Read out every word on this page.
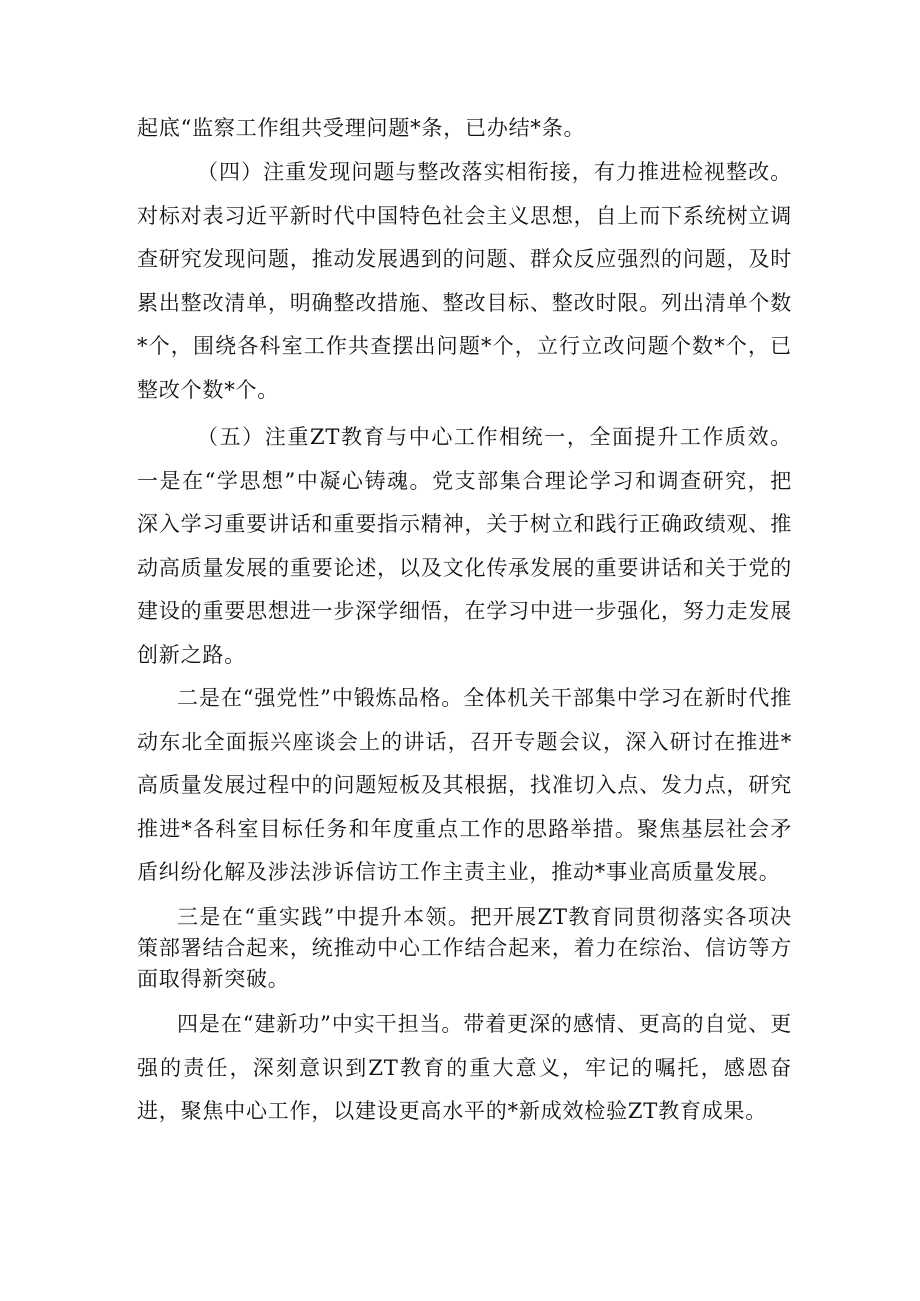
起底“监察工作组共受理问题*条，已办结*条。

（四）注重发现问题与整改落实相衔接，有力推进检视整改。对标对表习近平新时代中国特色社会主义思想，自上而下系统树立调查研究发现问题，推动发展遇到的问题、群众反应强烈的问题，及时累出整改清单，明确整改措施、整改目标、整改时限。列出清单个数*个，围绕各科室工作共查摆出问题*个，立行立改问题个数*个，已整改个数*个。

（五）注重ZT教育与中心工作相统一，全面提升工作质效。一是在“学思想”中凝心铸魂。党支部集合理论学习和调查研究，把深入学习重要讲话和重要指示精神，关于树立和践行正确政绩观、推动高质量发展的重要论述，以及文化传承发展的重要讲话和关于党的建设的重要思想进一步深学细悟，在学习中进一步强化，努力走发展创新之路。

二是在“强党性”中锻炼品格。全体机关干部集中学习在新时代推动东北全面振兴座谈会上的讲话，召开专题会议，深入研讨在推进*高质量发展过程中的问题短板及其根据，找准切入点、发力点，研究推进*各科室目标任务和年度重点工作的思路举措。聚焦基层社会矛盾纠纷化解及涉法涉诉信访工作主责主业，推动*事业高质量发展。

三是在“重实践”中提升本领。把开展ZT教育同贯彻落实各项决策部署结合起来，统推动中心工作结合起来，着力在综治、信访等方面取得新突破。

四是在“建新功”中实干担当。带着更深的感情、更高的自觉、更强的责任，深刻意识到ZT教育的重大意义，牢记的嘱托，感恩奋进，聚焦中心工作，以建设更高水平的*新成效检验ZT教育成果。
